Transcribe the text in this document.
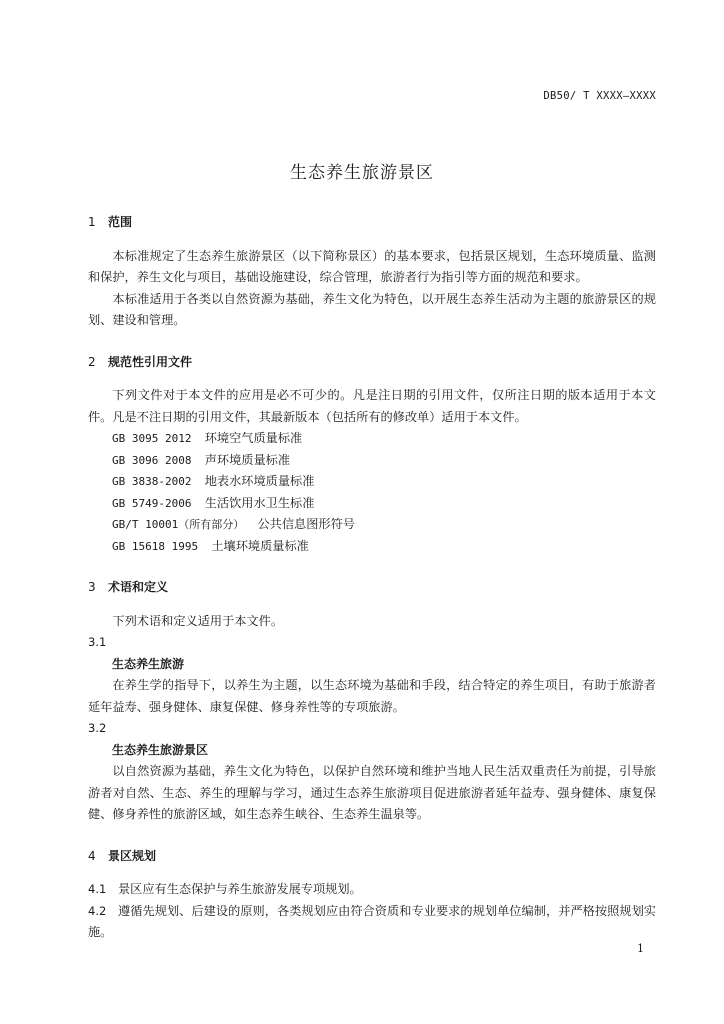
DB50/ T XXXX—XXXX
生态养生旅游景区

1 范围

本标准规定了生态养生旅游景区（以下简称景区）的基本要求，包括景区规划，生态环境质量、监测和保护，养生文化与项目，基础设施建设，综合管理，旅游者行为指引等方面的规范和要求。

本标准适用于各类以自然资源为基础，养生文化为特色，以开展生态养生活动为主题的旅游景区的规划、建设和管理。

2 规范性引用文件

下列文件对于本文件的应用是必不可少的。凡是注日期的引用文件，仅所注日期的版本适用于本文件。凡是不注日期的引用文件，其最新版本（包括所有的修改单）适用于本文件。

GB 3095 2012 环境空气质量标准

GB 3096 2008 声环境质量标准

GB 3838-2002 地表水环境质量标准

GB 5749-2006 生活饮用水卫生标准

GB/T 10001（所有部分） 公共信息图形符号

GB 15618 1995 土壤环境质量标准

3 术语和定义

下列术语和定义适用于本文件。

3.1

生态养生旅游

在养生学的指导下，以养生为主题，以生态环境为基础和手段，结合特定的养生项目，有助于旅游者延年益寿、强身健体、康复保健、修身养性等的专项旅游。

3.2

生态养生旅游景区

以自然资源为基础，养生文化为特色，以保护自然环境和维护当地人民生活双重责任为前提，引导旅游者对自然、生态、养生的理解与学习，通过生态养生旅游项目促进旅游者延年益寿、强身健体、康复保健、修身养性的旅游区域，如生态养生峡谷、生态养生温泉等。

4 景区规划

4.1 景区应有生态保护与养生旅游发展专项规划。

4.2 遵循先规划、后建设的原则，各类规划应由符合资质和专业要求的规划单位编制，并严格按照规划实施。

1
